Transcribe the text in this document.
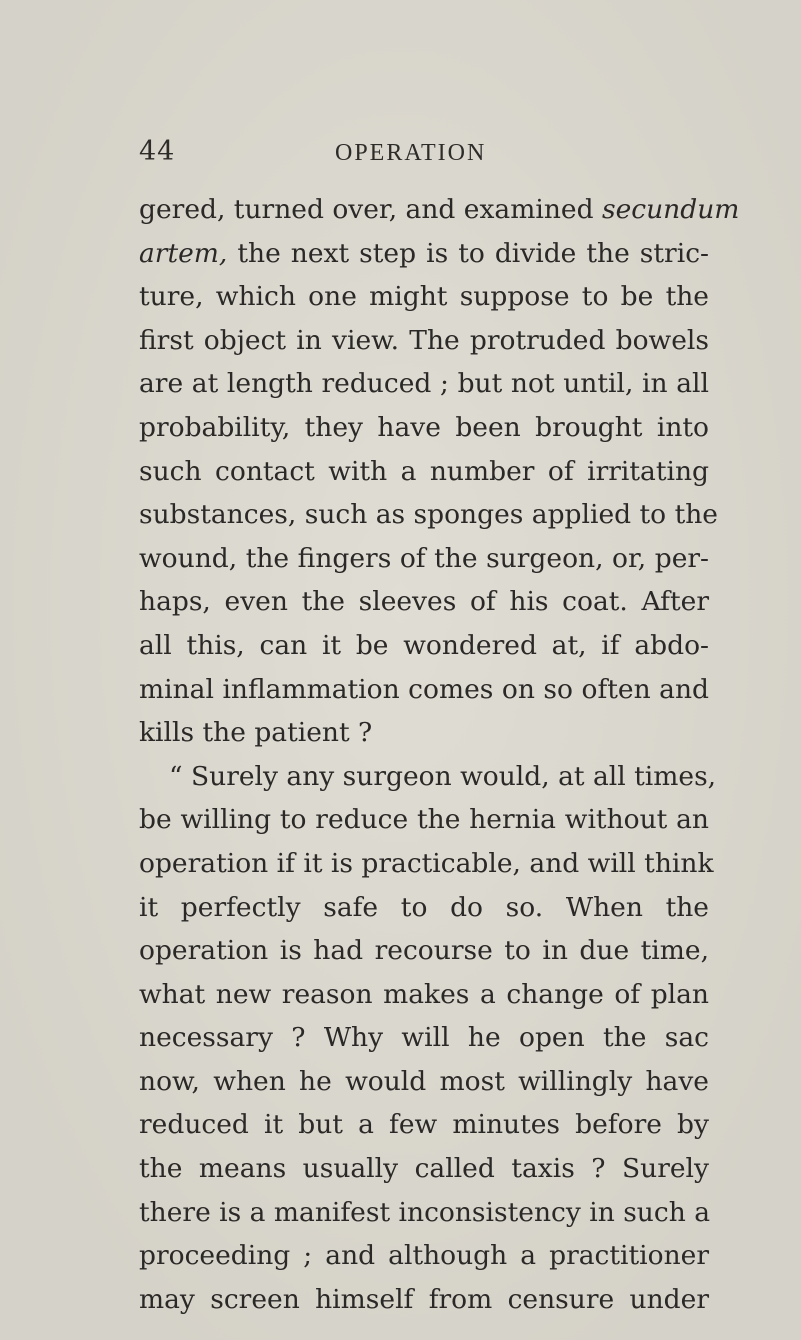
44	OPERATION
gered, turned over, and examined secundum
artem, the next step is to divide the stric-
ture, which one might suppose to be the
first object in view. The protruded bowels
are at length reduced ; but not until, in all
probability, they have been brought into
such contact with a number of irritating
substances, such as sponges applied to the
wound, the fingers of the surgeon, or, per-
haps, even the sleeves of his coat. After
all this, can it be wondered at, if abdo-
minal inflammation comes on so often and
kills the patient ?
“ Surely any surgeon would, at all times,
be willing to reduce the hernia without an
operation if it is practicable, and will think
it perfectly safe to do so. When the
operation is had recourse to in due time,
what new reason makes a change of plan
necessary ? Why will he open the sac
now, when he would most willingly have
reduced it but a few minutes before by
the means usually called taxis ? Surely
there is a manifest inconsistency in such a
proceeding ; and although a practitioner
may screen himself from censure under
